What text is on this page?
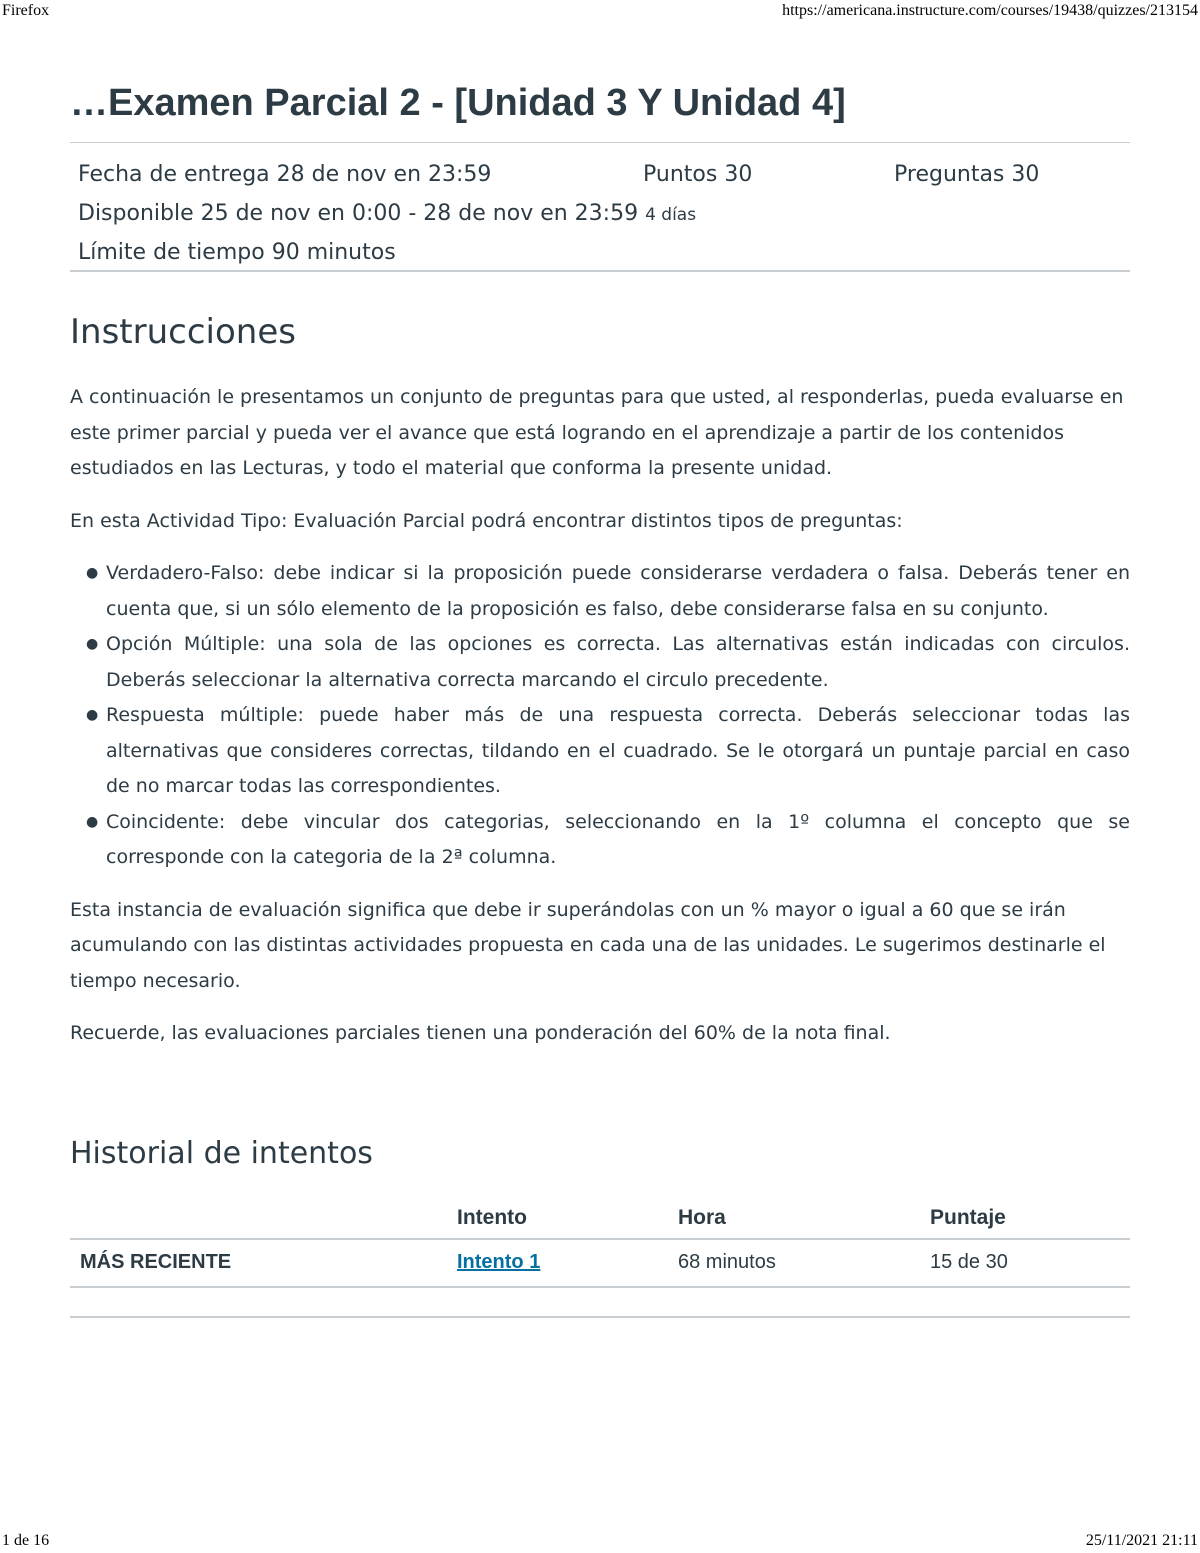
Firefox	https://americana.instructure.com/courses/19438/quizzes/213154
…Examen Parcial 2 - [Unidad 3 Y Unidad 4]
Fecha de entrega 28 de nov en 23:59	Puntos 30	Preguntas 30
Disponible 25 de nov en 0:00 - 28 de nov en 23:59 4 días
Límite de tiempo 90 minutos
Instrucciones

A continuación le presentamos un conjunto de preguntas para que usted, al responderlas, pueda evaluarse en este primer parcial y pueda ver el avance que está logrando en el aprendizaje a partir de los contenidos estudiados en las Lecturas, y todo el material que conforma la presente unidad.

En esta Actividad Tipo: Evaluación Parcial podrá encontrar distintos tipos de preguntas:

● Verdadero-Falso: debe indicar si la proposición puede considerarse verdadera o falsa. Deberás tener en cuenta que, si un sólo elemento de la proposición es falso, debe considerarse falsa en su conjunto.
● Opción Múltiple: una sola de las opciones es correcta. Las alternativas están indicadas con circulos. Deberás seleccionar la alternativa correcta marcando el circulo precedente.
● Respuesta múltiple: puede haber más de una respuesta correcta. Deberás seleccionar todas las alternativas que consideres correctas, tildando en el cuadrado. Se le otorgará un puntaje parcial en caso de no marcar todas las correspondientes.
● Coincidente: debe vincular dos categorias, seleccionando en la 1º columna el concepto que se corresponde con la categoria de la 2ª columna.

Esta instancia de evaluación significa que debe ir superándolas con un % mayor o igual a 60 que se irán acumulando con las distintas actividades propuesta en cada una de las unidades. Le sugerimos destinarle el tiempo necesario.

Recuerde, las evaluaciones parciales tienen una ponderación del 60% de la nota final.

Historial de intentos
	Intento	Hora	Puntaje
MÁS RECIENTE	Intento 1	68 minutos	15 de 30
1 de 16	25/11/2021 21:11
